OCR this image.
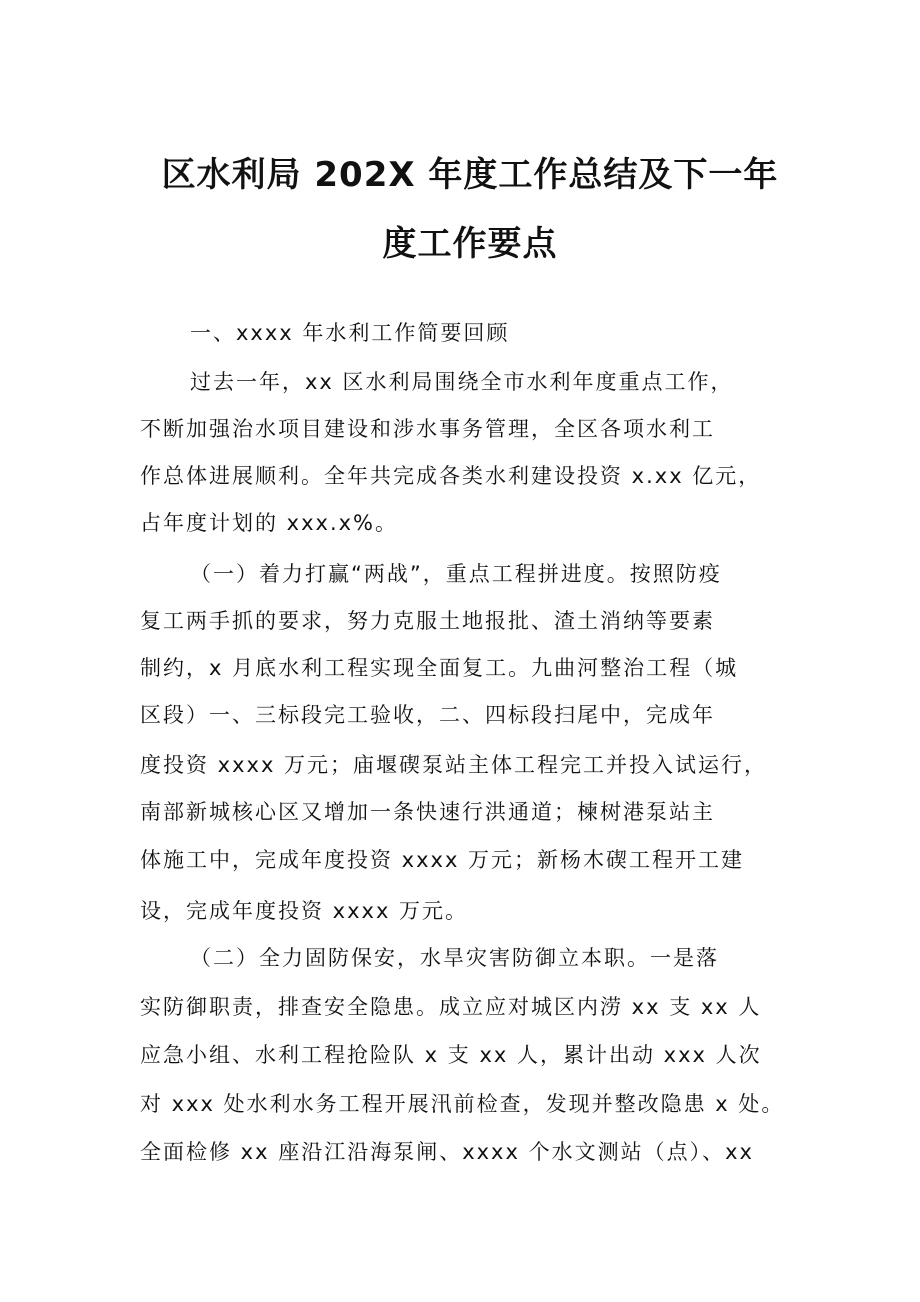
区水利局 202X 年度工作总结及下一年
度工作要点
一、xxxx 年水利工作简要回顾
过去一年，xx 区水利局围绕全市水利年度重点工作，
不断加强治水项目建设和涉水事务管理，全区各项水利工
作总体进展顺利。全年共完成各类水利建设投资 x.xx 亿元，
占年度计划的 xxx.x%。
（一）着力打赢“两战”，重点工程拼进度。按照防疫
复工两手抓的要求，努力克服土地报批、渣土消纳等要素
制约，x 月底水利工程实现全面复工。九曲河整治工程（城
区段）一、三标段完工验收，二、四标段扫尾中，完成年
度投资 xxxx 万元；庙堰碶泵站主体工程完工并投入试运行，
南部新城核心区又增加一条快速行洪通道；楝树港泵站主
体施工中，完成年度投资 xxxx 万元；新杨木碶工程开工建
设，完成年度投资 xxxx 万元。
（二）全力固防保安，水旱灾害防御立本职。一是落
实防御职责，排查安全隐患。成立应对城区内涝 xx 支 xx 人
应急小组、水利工程抢险队 x 支 xx 人，累计出动 xxx 人次
对 xxx 处水利水务工程开展汛前检查，发现并整改隐患 x 处。
全面检修 xx 座沿江沿海泵闸、xxxx 个水文测站（点）、xx
